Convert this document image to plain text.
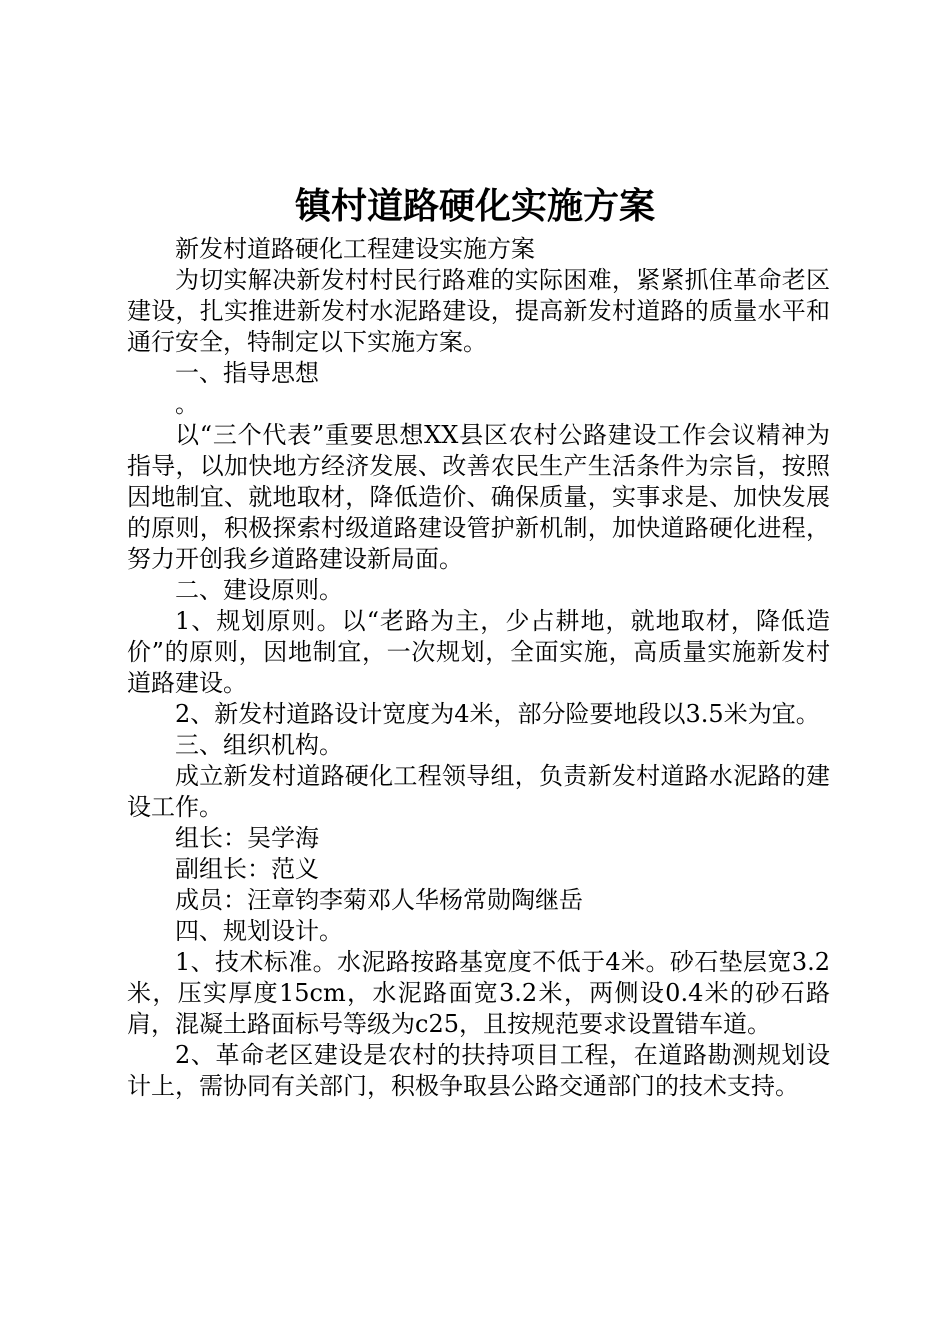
镇村道路硬化实施方案

新发村道路硬化工程建设实施方案

为切实解决新发村村民行路难的实际困难，紧紧抓住革命老区建设，扎实推进新发村水泥路建设，提高新发村道路的质量水平和通行安全，特制定以下实施方案。

一、指导思想

。

以“三个代表”重要思想XX县区农村公路建设工作会议精神为指导，以加快地方经济发展、改善农民生产生活条件为宗旨，按照因地制宜、就地取材，降低造价、确保质量，实事求是、加快发展的原则，积极探索村级道路建设管护新机制，加快道路硬化进程，努力开创我乡道路建设新局面。

二、建设原则。

1、规划原则。以“老路为主，少占耕地，就地取材，降低造价”的原则，因地制宜，一次规划，全面实施，高质量实施新发村道路建设。

2、新发村道路设计宽度为4米，部分险要地段以3.5米为宜。

三、组织机构。

成立新发村道路硬化工程领导组，负责新发村道路水泥路的建设工作。

组长：吴学海

副组长：范义

成员：汪章钧李菊邓人华杨常勋陶继岳

四、规划设计。

1、技术标准。水泥路按路基宽度不低于4米。砂石垫层宽3.2米，压实厚度15cm，水泥路面宽3.2米，两侧设0.4米的砂石路肩，混凝土路面标号等级为c25，且按规范要求设置错车道。

2、革命老区建设是农村的扶持项目工程，在道路勘测规划设计上，需协同有关部门，积极争取县公路交通部门的技术支持。
